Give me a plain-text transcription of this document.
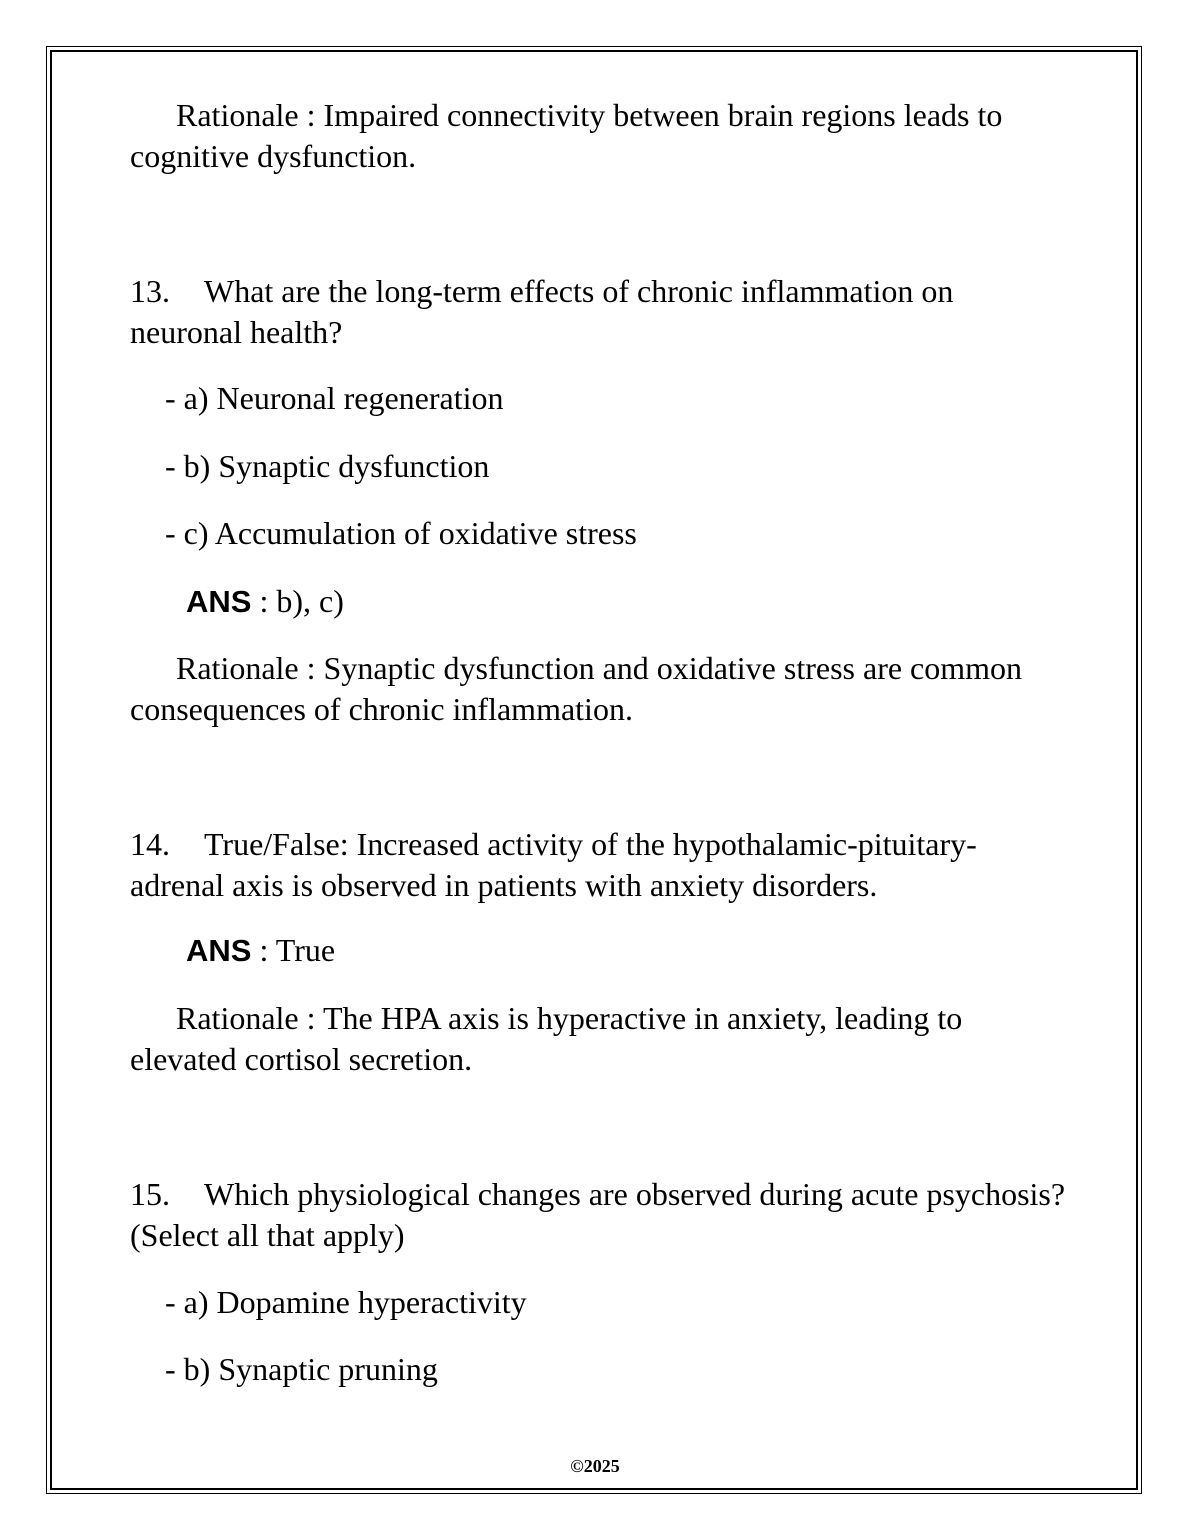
Rationale : Impaired connectivity between brain regions leads to cognitive dysfunction.

13. What are the long-term effects of chronic inflammation on neuronal health?

- a) Neuronal regeneration
- b) Synaptic dysfunction
- c) Accumulation of oxidative stress
ANS : b), c)

Rationale : Synaptic dysfunction and oxidative stress are common consequences of chronic inflammation.

14. True/False: Increased activity of the hypothalamic-pituitary-adrenal axis is observed in patients with anxiety disorders.

ANS : True

Rationale : The HPA axis is hyperactive in anxiety, leading to elevated cortisol secretion.

15. Which physiological changes are observed during acute psychosis? (Select all that apply)

- a) Dopamine hyperactivity
- b) Synaptic pruning
©2025
